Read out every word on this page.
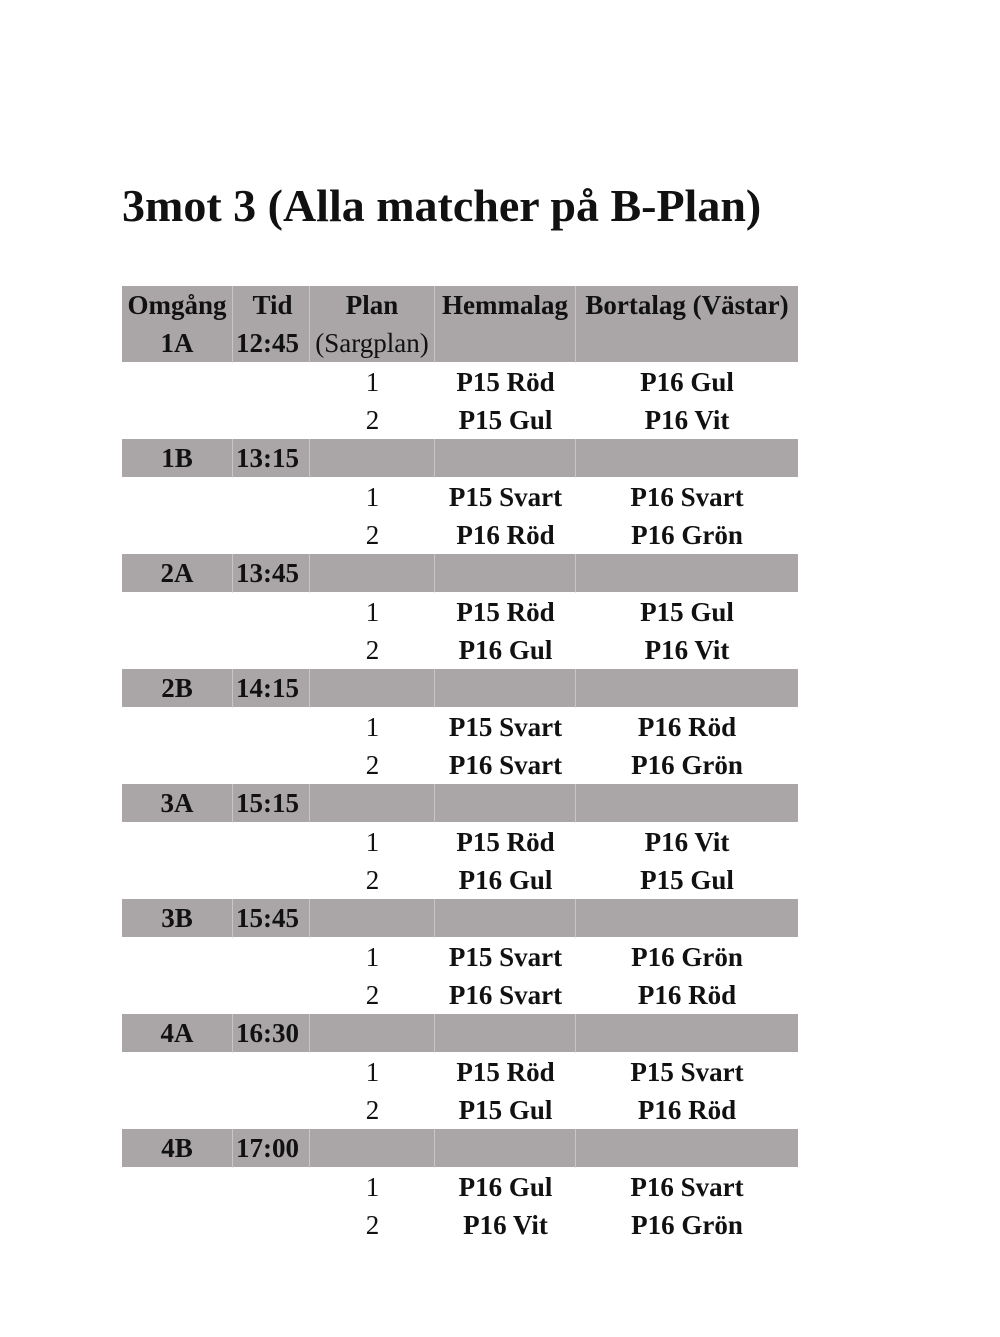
3mot 3 (Alla matcher på B-Plan)
Omgång	Tid	Plan	Hemmalag	Bortalag (Västar)
1A	12:45	(Sargplan)		
		1	P15 Röd	P16 Gul
		2	P15 Gul	P16 Vit
1B	13:15			
		1	P15 Svart	P16 Svart
		2	P16 Röd	P16 Grön
2A	13:45			
		1	P15 Röd	P15 Gul
		2	P16 Gul	P16 Vit
2B	14:15			
		1	P15 Svart	P16 Röd
		2	P16 Svart	P16 Grön
3A	15:15			
		1	P15 Röd	P16 Vit
		2	P16 Gul	P15 Gul
3B	15:45			
		1	P15 Svart	P16 Grön
		2	P16 Svart	P16 Röd
4A	16:30			
		1	P15 Röd	P15 Svart
		2	P15 Gul	P16 Röd
4B	17:00			
		1	P16 Gul	P16 Svart
		2	P16 Vit	P16 Grön
